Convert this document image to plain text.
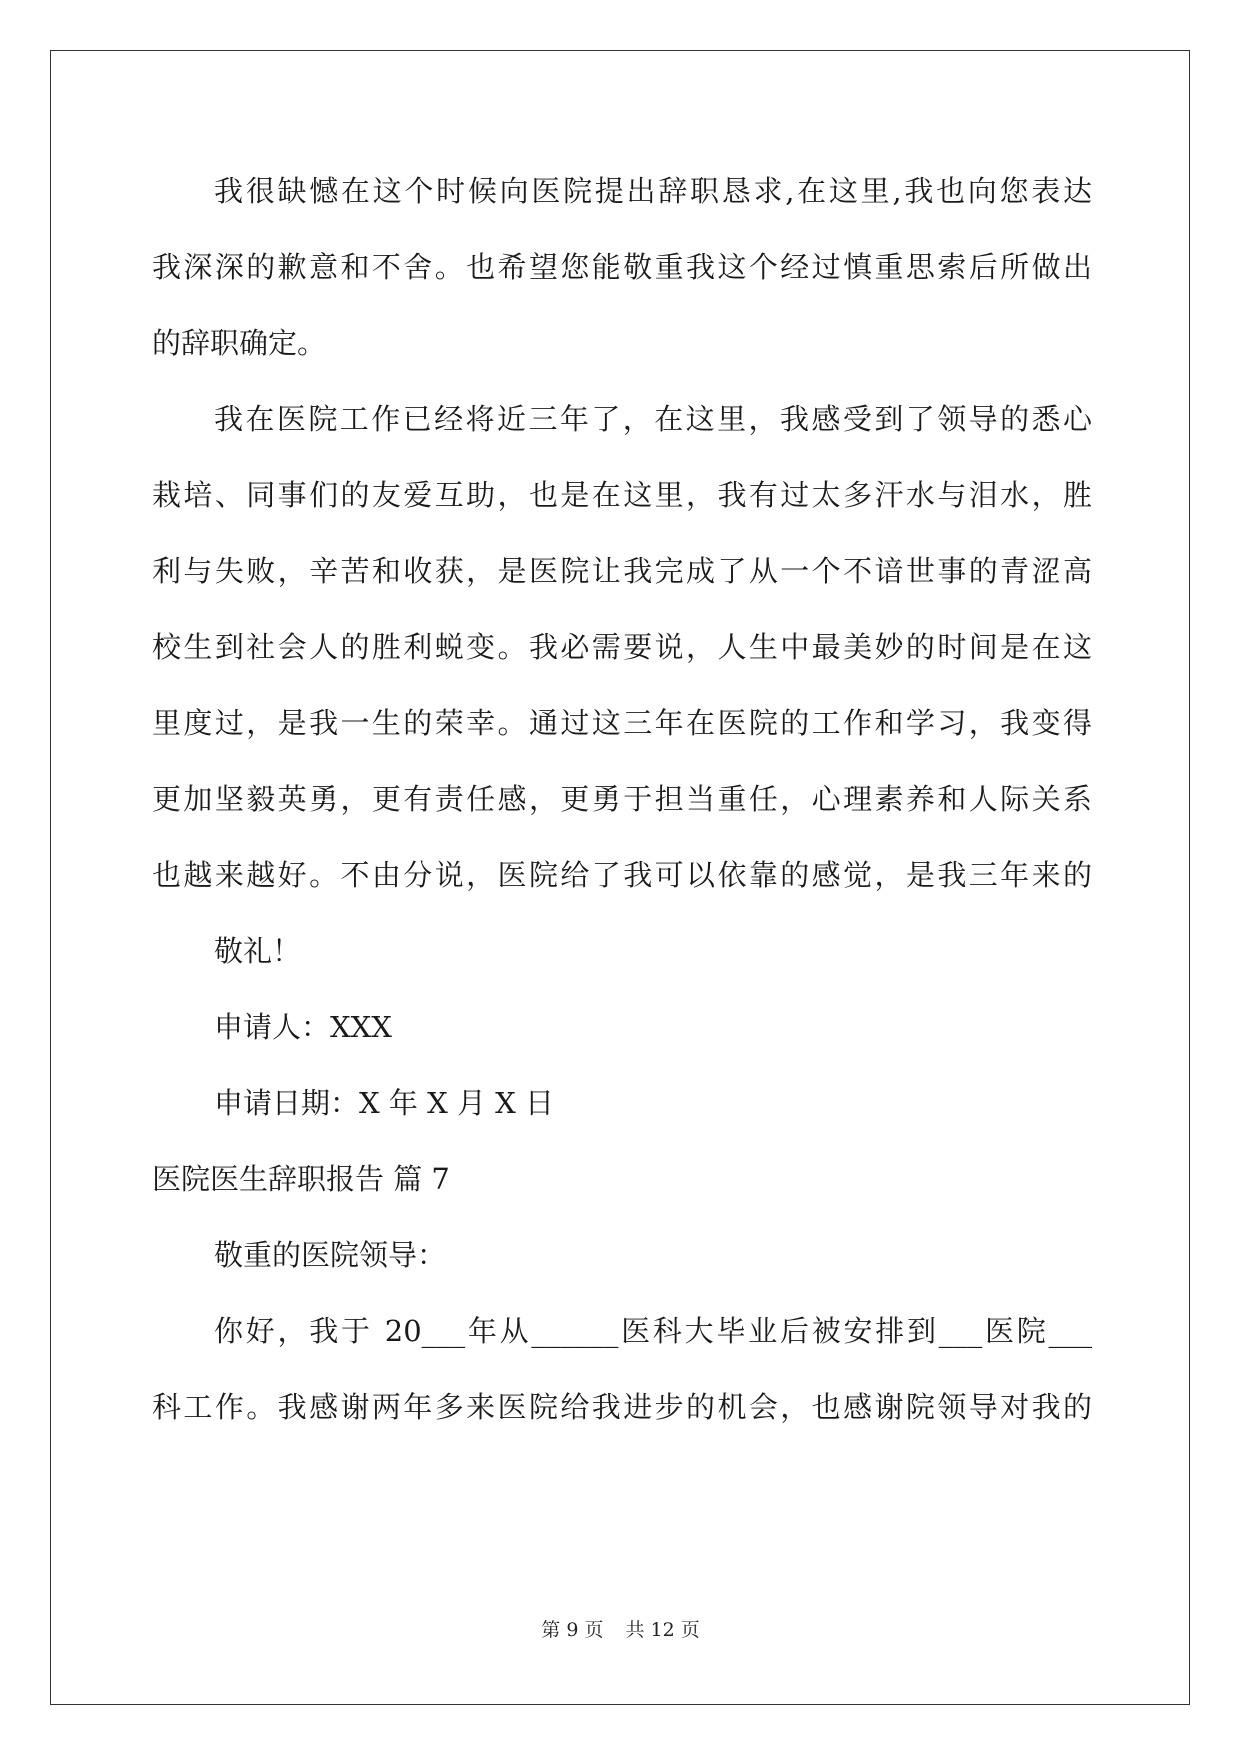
我很缺憾在这个时候向医院提出辞职恳求,在这里,我也向您表达
我深深的歉意和不舍。也希望您能敬重我这个经过慎重思索后所做出
的辞职确定。
我在医院工作已经将近三年了，在这里，我感受到了领导的悉心
栽培、同事们的友爱互助，也是在这里，我有过太多汗水与泪水，胜
利与失败，辛苦和收获，是医院让我完成了从一个不谙世事的青涩高
校生到社会人的胜利蜕变。我必需要说，人生中最美妙的时间是在这
里度过，是我一生的荣幸。通过这三年在医院的工作和学习，我变得
更加坚毅英勇，更有责任感，更勇于担当重任，心理素养和人际关系
也越来越好。不由分说，医院给了我可以依靠的感觉，是我三年来的
敬礼！
申请人：XXX
申请日期：X 年 X 月 X 日
医院医生辞职报告 篇 7
敬重的医院领导：
你好，我于 20___年从______医科大毕业后被安排到___医院___
科工作。我感谢两年多来医院给我进步的机会，也感谢院领导对我的
第 9 页 共 12 页
